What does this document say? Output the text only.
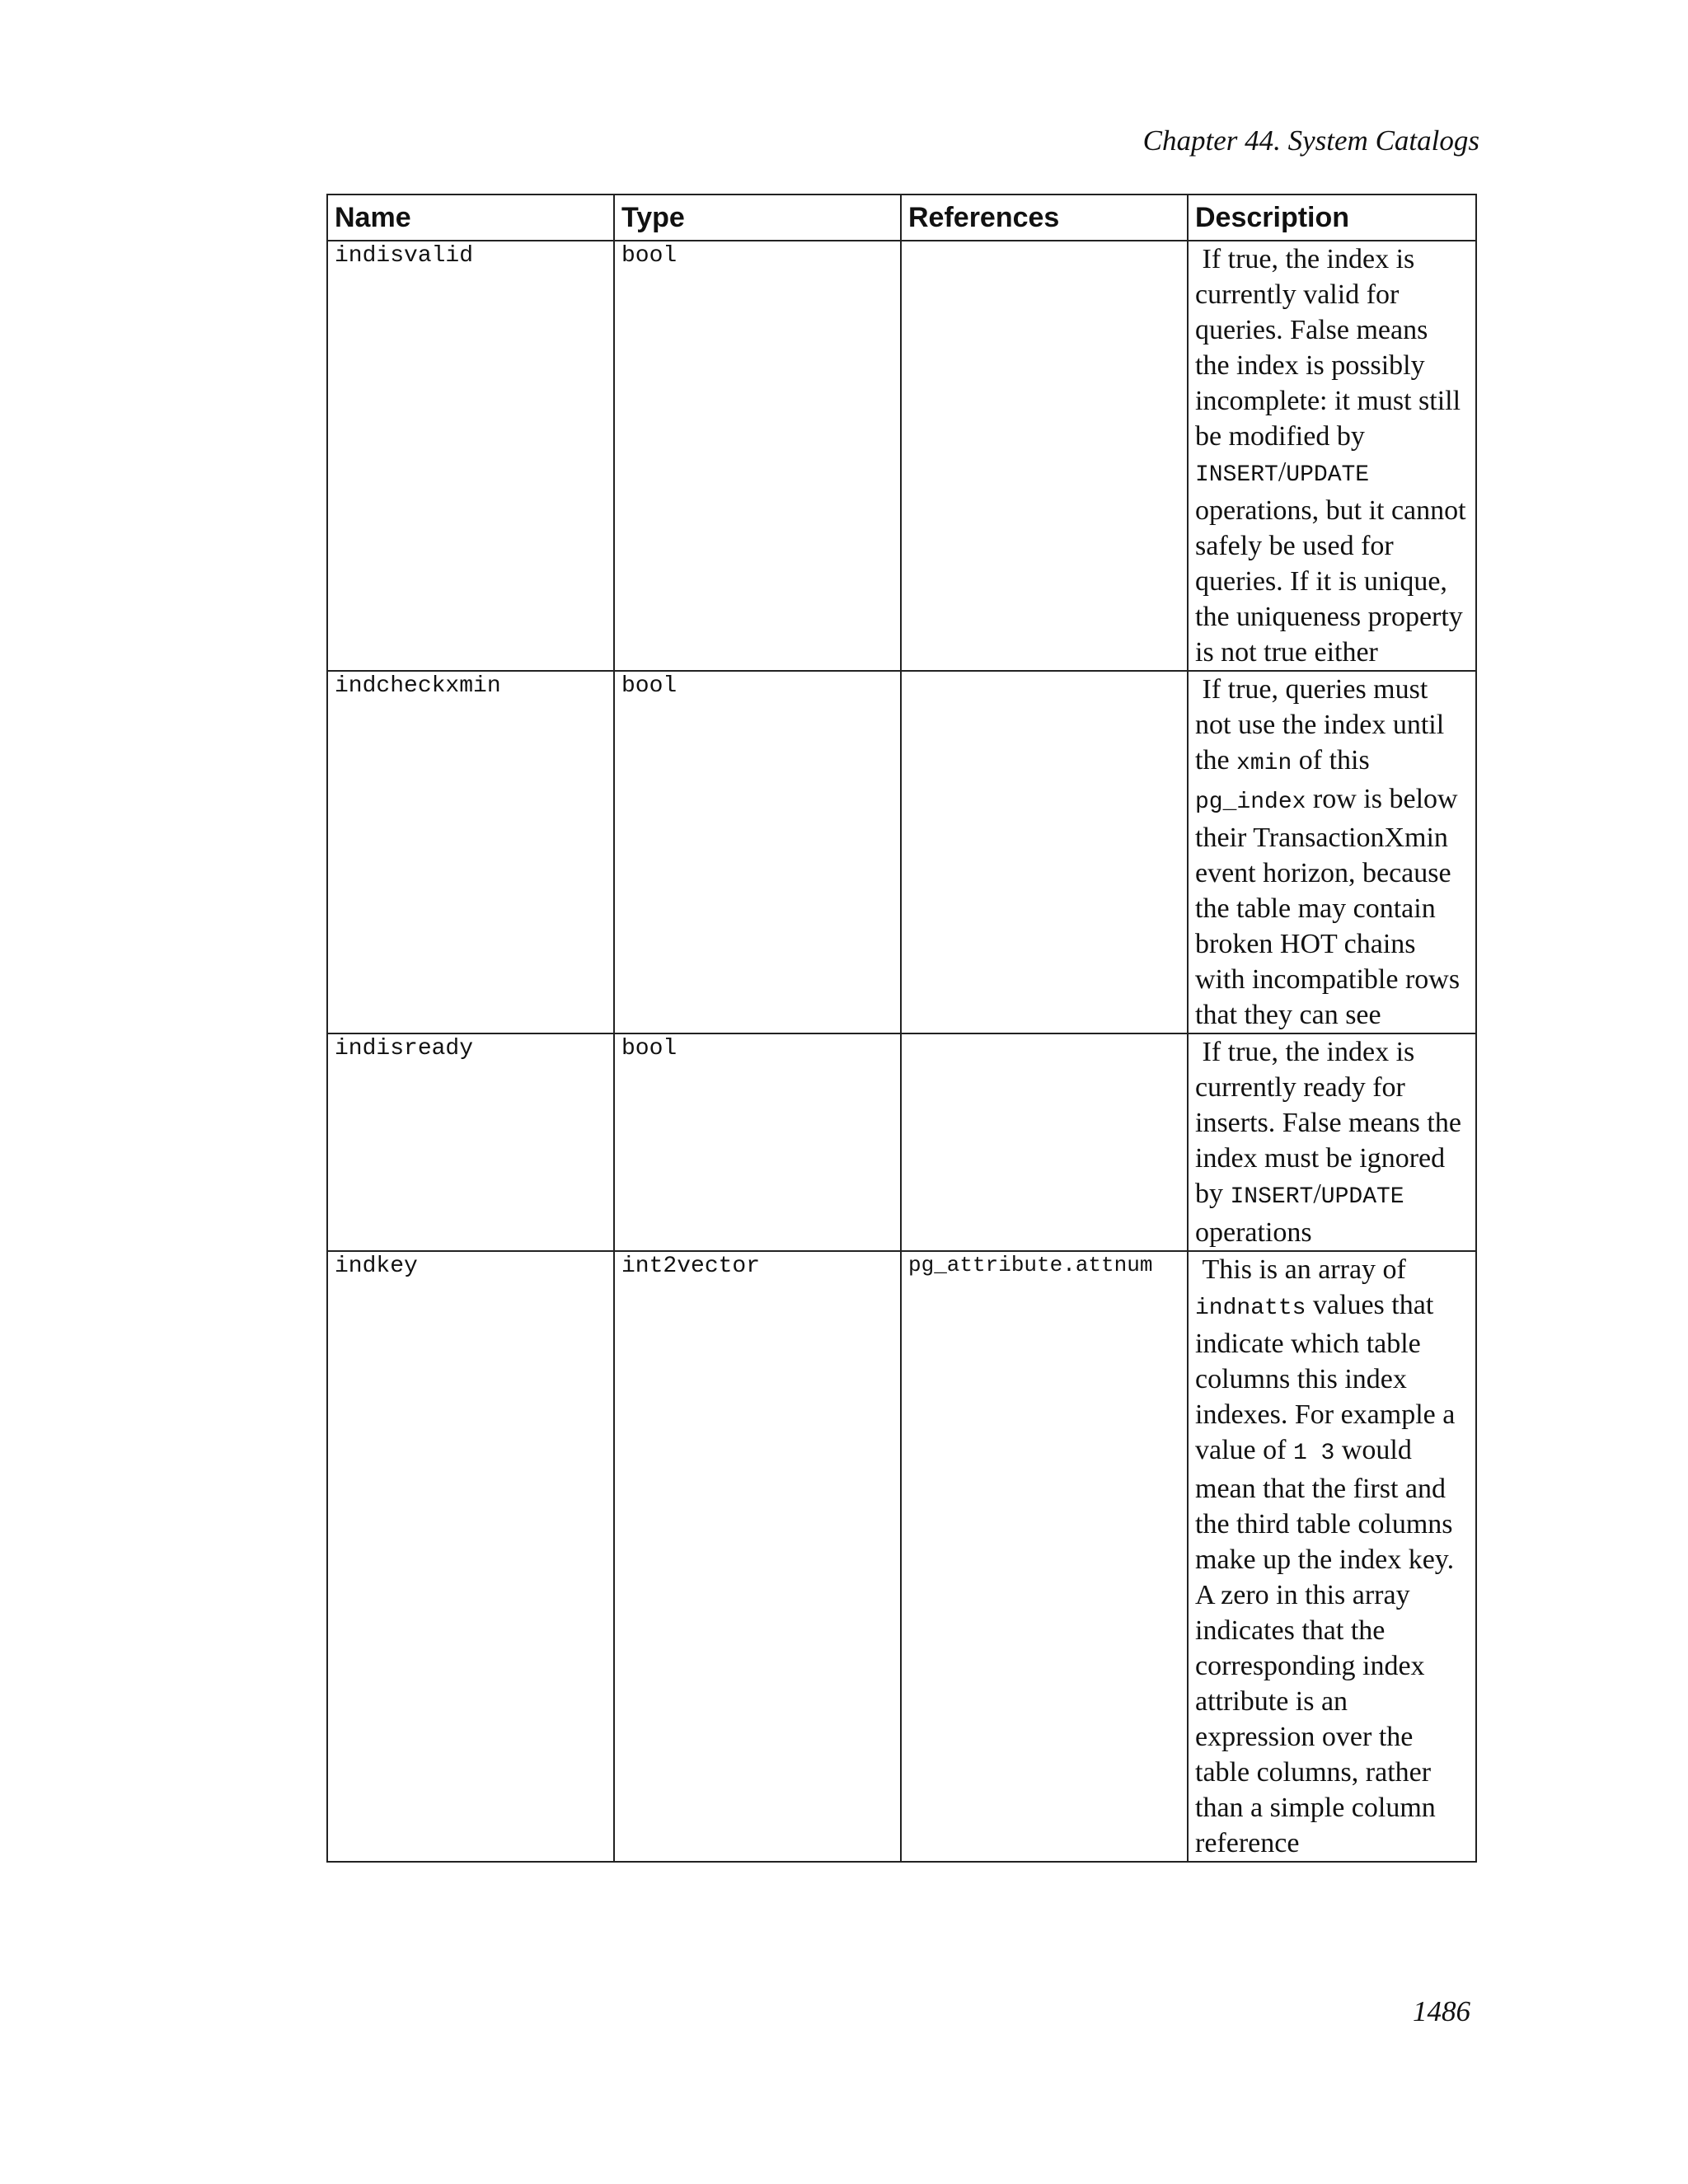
Chapter 44. System Catalogs
Name	Type	References	Description
indisvalid	bool		If true, the index is currently valid for queries. False means the index is possibly incomplete: it must still be modified by INSERT/UPDATE operations, but it cannot safely be used for queries. If it is unique, the uniqueness property is not true either
indcheckxmin	bool		If true, queries must not use the index until the xmin of this pg_index row is below their TransactionXmin event horizon, because the table may contain broken HOT chains with incompatible rows that they can see
indisready	bool		If true, the index is currently ready for inserts. False means the index must be ignored by INSERT/UPDATE operations
indkey	int2vector	pg_attribute.attnum	This is an array of indnatts values that indicate which table columns this index indexes. For example a value of 1 3 would mean that the first and the third table columns make up the index key. A zero in this array indicates that the corresponding index attribute is an expression over the table columns, rather than a simple column reference
1486
